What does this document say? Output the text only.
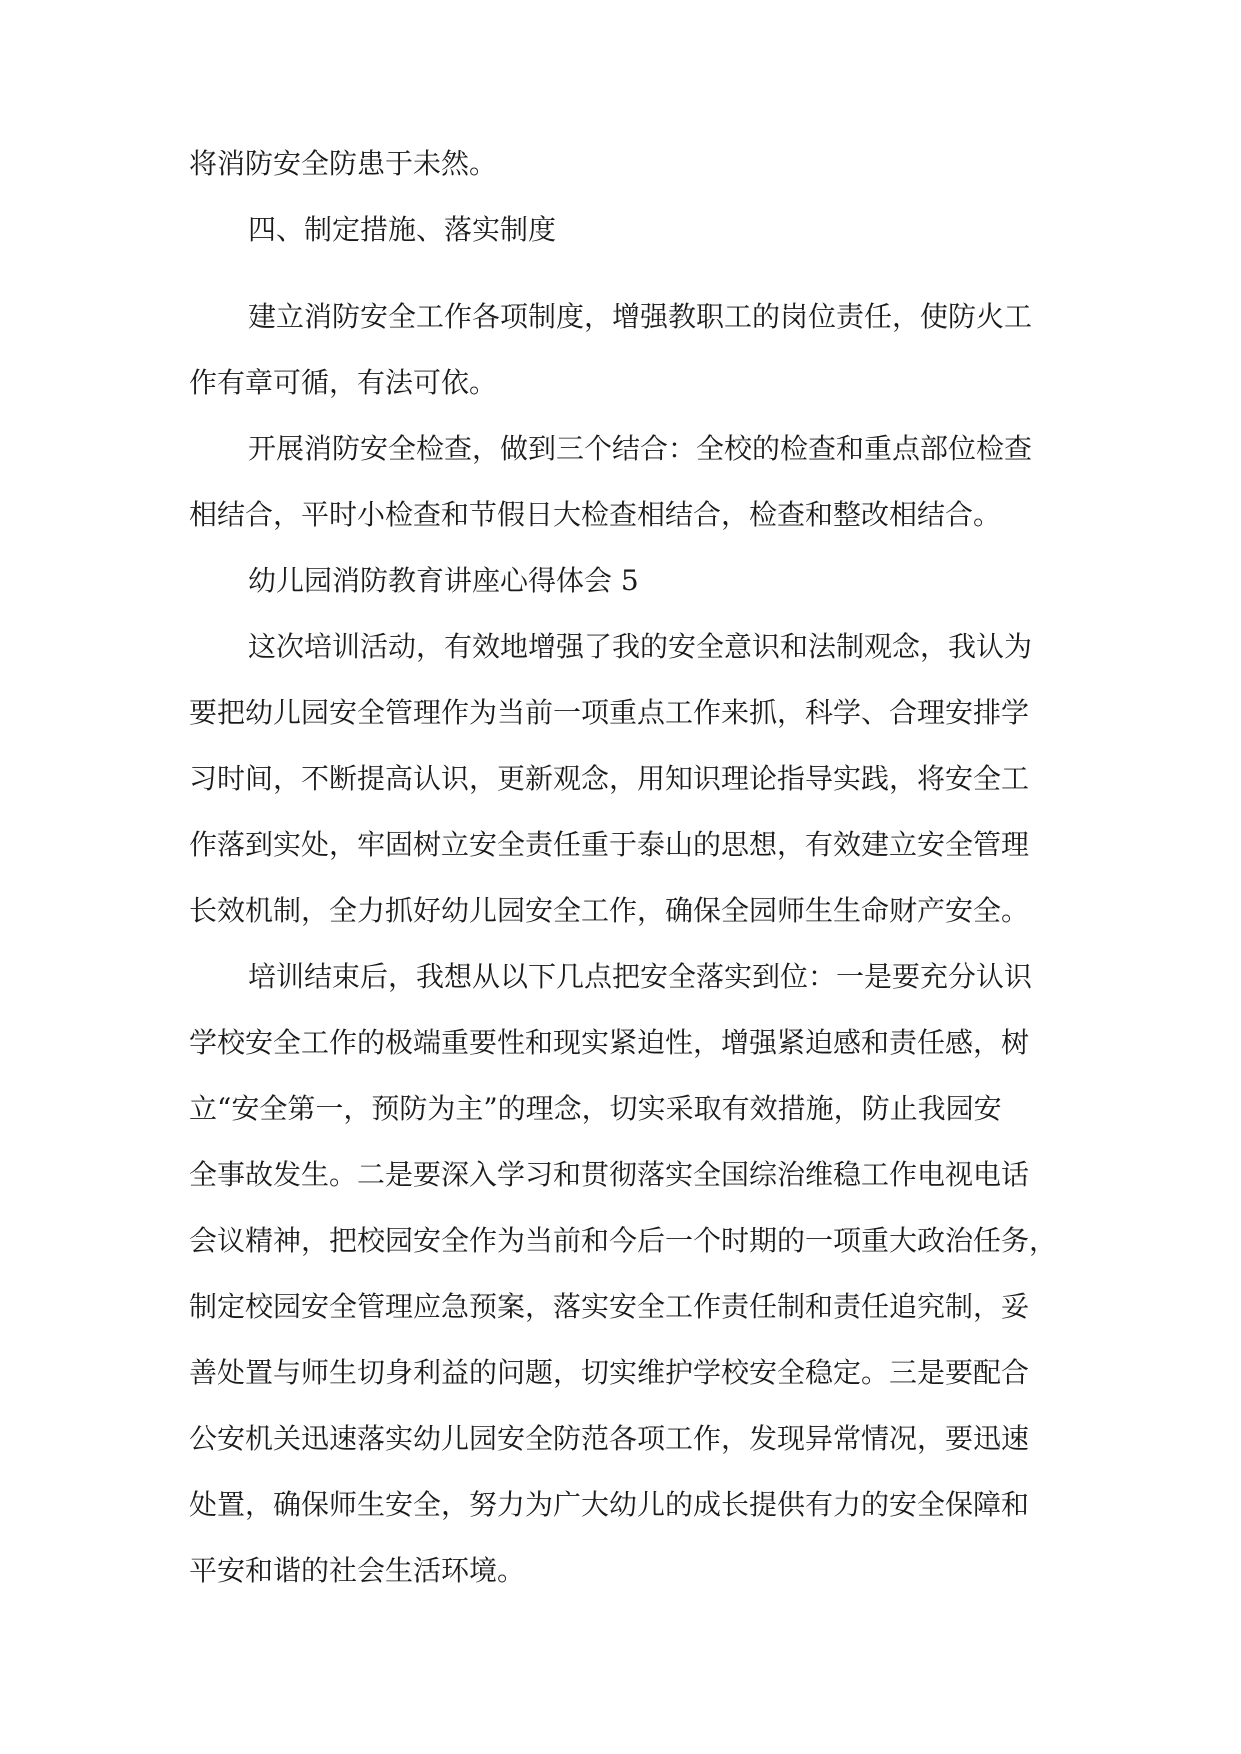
将消防安全防患于未然。

四、制定措施、落实制度

建立消防安全工作各项制度，增强教职工的岗位责任，使防火工

作有章可循，有法可依。

开展消防安全检查，做到三个结合：全校的检查和重点部位检查

相结合，平时小检查和节假日大检查相结合，检查和整改相结合。

幼儿园消防教育讲座心得体会 5

这次培训活动，有效地增强了我的安全意识和法制观念，我认为

要把幼儿园安全管理作为当前一项重点工作来抓，科学、合理安排学

习时间，不断提高认识，更新观念，用知识理论指导实践，将安全工

作落到实处，牢固树立安全责任重于泰山的思想，有效建立安全管理

长效机制，全力抓好幼儿园安全工作，确保全园师生生命财产安全。

培训结束后，我想从以下几点把安全落实到位：一是要充分认识

学校安全工作的极端重要性和现实紧迫性，增强紧迫感和责任感，树

立“安全第一，预防为主”的理念，切实采取有效措施，防止我园安

全事故发生。二是要深入学习和贯彻落实全国综治维稳工作电视电话

会议精神，把校园安全作为当前和今后一个时期的一项重大政治任务，

制定校园安全管理应急预案，落实安全工作责任制和责任追究制，妥

善处置与师生切身利益的问题，切实维护学校安全稳定。三是要配合

公安机关迅速落实幼儿园安全防范各项工作，发现异常情况，要迅速

处置，确保师生安全，努力为广大幼儿的成长提供有力的安全保障和

平安和谐的社会生活环境。
